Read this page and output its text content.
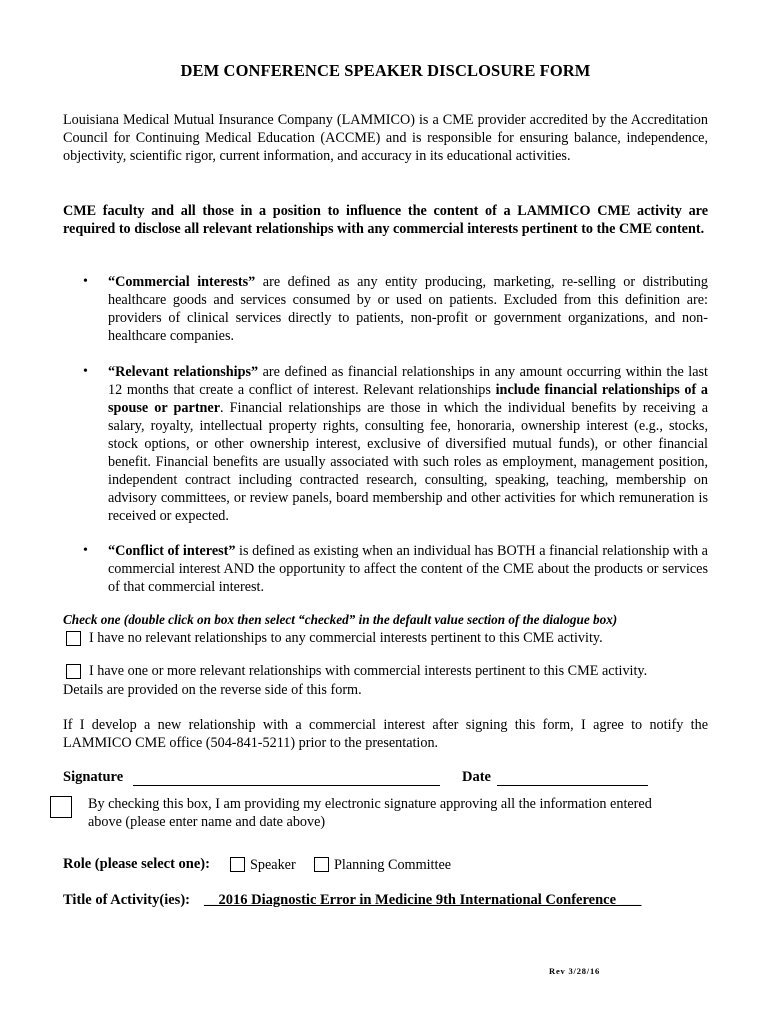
DEM CONFERENCE SPEAKER DISCLOSURE FORM
Louisiana Medical Mutual Insurance Company (LAMMICO) is a CME provider accredited by the Accreditation Council for Continuing Medical Education (ACCME) and is responsible for ensuring balance, independence, objectivity, scientific rigor, current information, and accuracy in its educational activities.
CME faculty and all those in a position to influence the content of a LAMMICO CME activity are required to disclose all relevant relationships with any commercial interests pertinent to the CME content.
• “Commercial interests” are defined as any entity producing, marketing, re-selling or distributing healthcare goods and services consumed by or used on patients. Excluded from this definition are: providers of clinical services directly to patients, non-profit or government organizations, and non-healthcare companies.
• “Relevant relationships” are defined as financial relationships in any amount occurring within the last 12 months that create a conflict of interest. Relevant relationships include financial relationships of a spouse or partner. Financial relationships are those in which the individual benefits by receiving a salary, royalty, intellectual property rights, consulting fee, honoraria, ownership interest (e.g., stocks, stock options, or other ownership interest, exclusive of diversified mutual funds), or other financial benefit. Financial benefits are usually associated with such roles as employment, management position, independent contract including contracted research, consulting, speaking, teaching, membership on advisory committees, or review panels, board membership and other activities for which remuneration is received or expected.
• “Conflict of interest” is defined as existing when an individual has BOTH a financial relationship with a commercial interest AND the opportunity to affect the content of the CME about the products or services of that commercial interest.
Check one (double click on box then select “checked” in the default value section of the dialogue box)
I have no relevant relationships to any commercial interests pertinent to this CME activity.
I have one or more relevant relationships with commercial interests pertinent to this CME activity.
Details are provided on the reverse side of this form.
If I develop a new relationship with a commercial interest after signing this form, I agree to notify the LAMMICO CME office (504-841-5211) prior to the presentation.
Signature	Date
By checking this box, I am providing my electronic signature approving all the information entered above (please enter name and date above)
Role (please select one):	Speaker	Planning Committee
Title of Activity(ies): __2016 Diagnostic Error in Medicine 9th International Conference ___
Rev 3/28/16
